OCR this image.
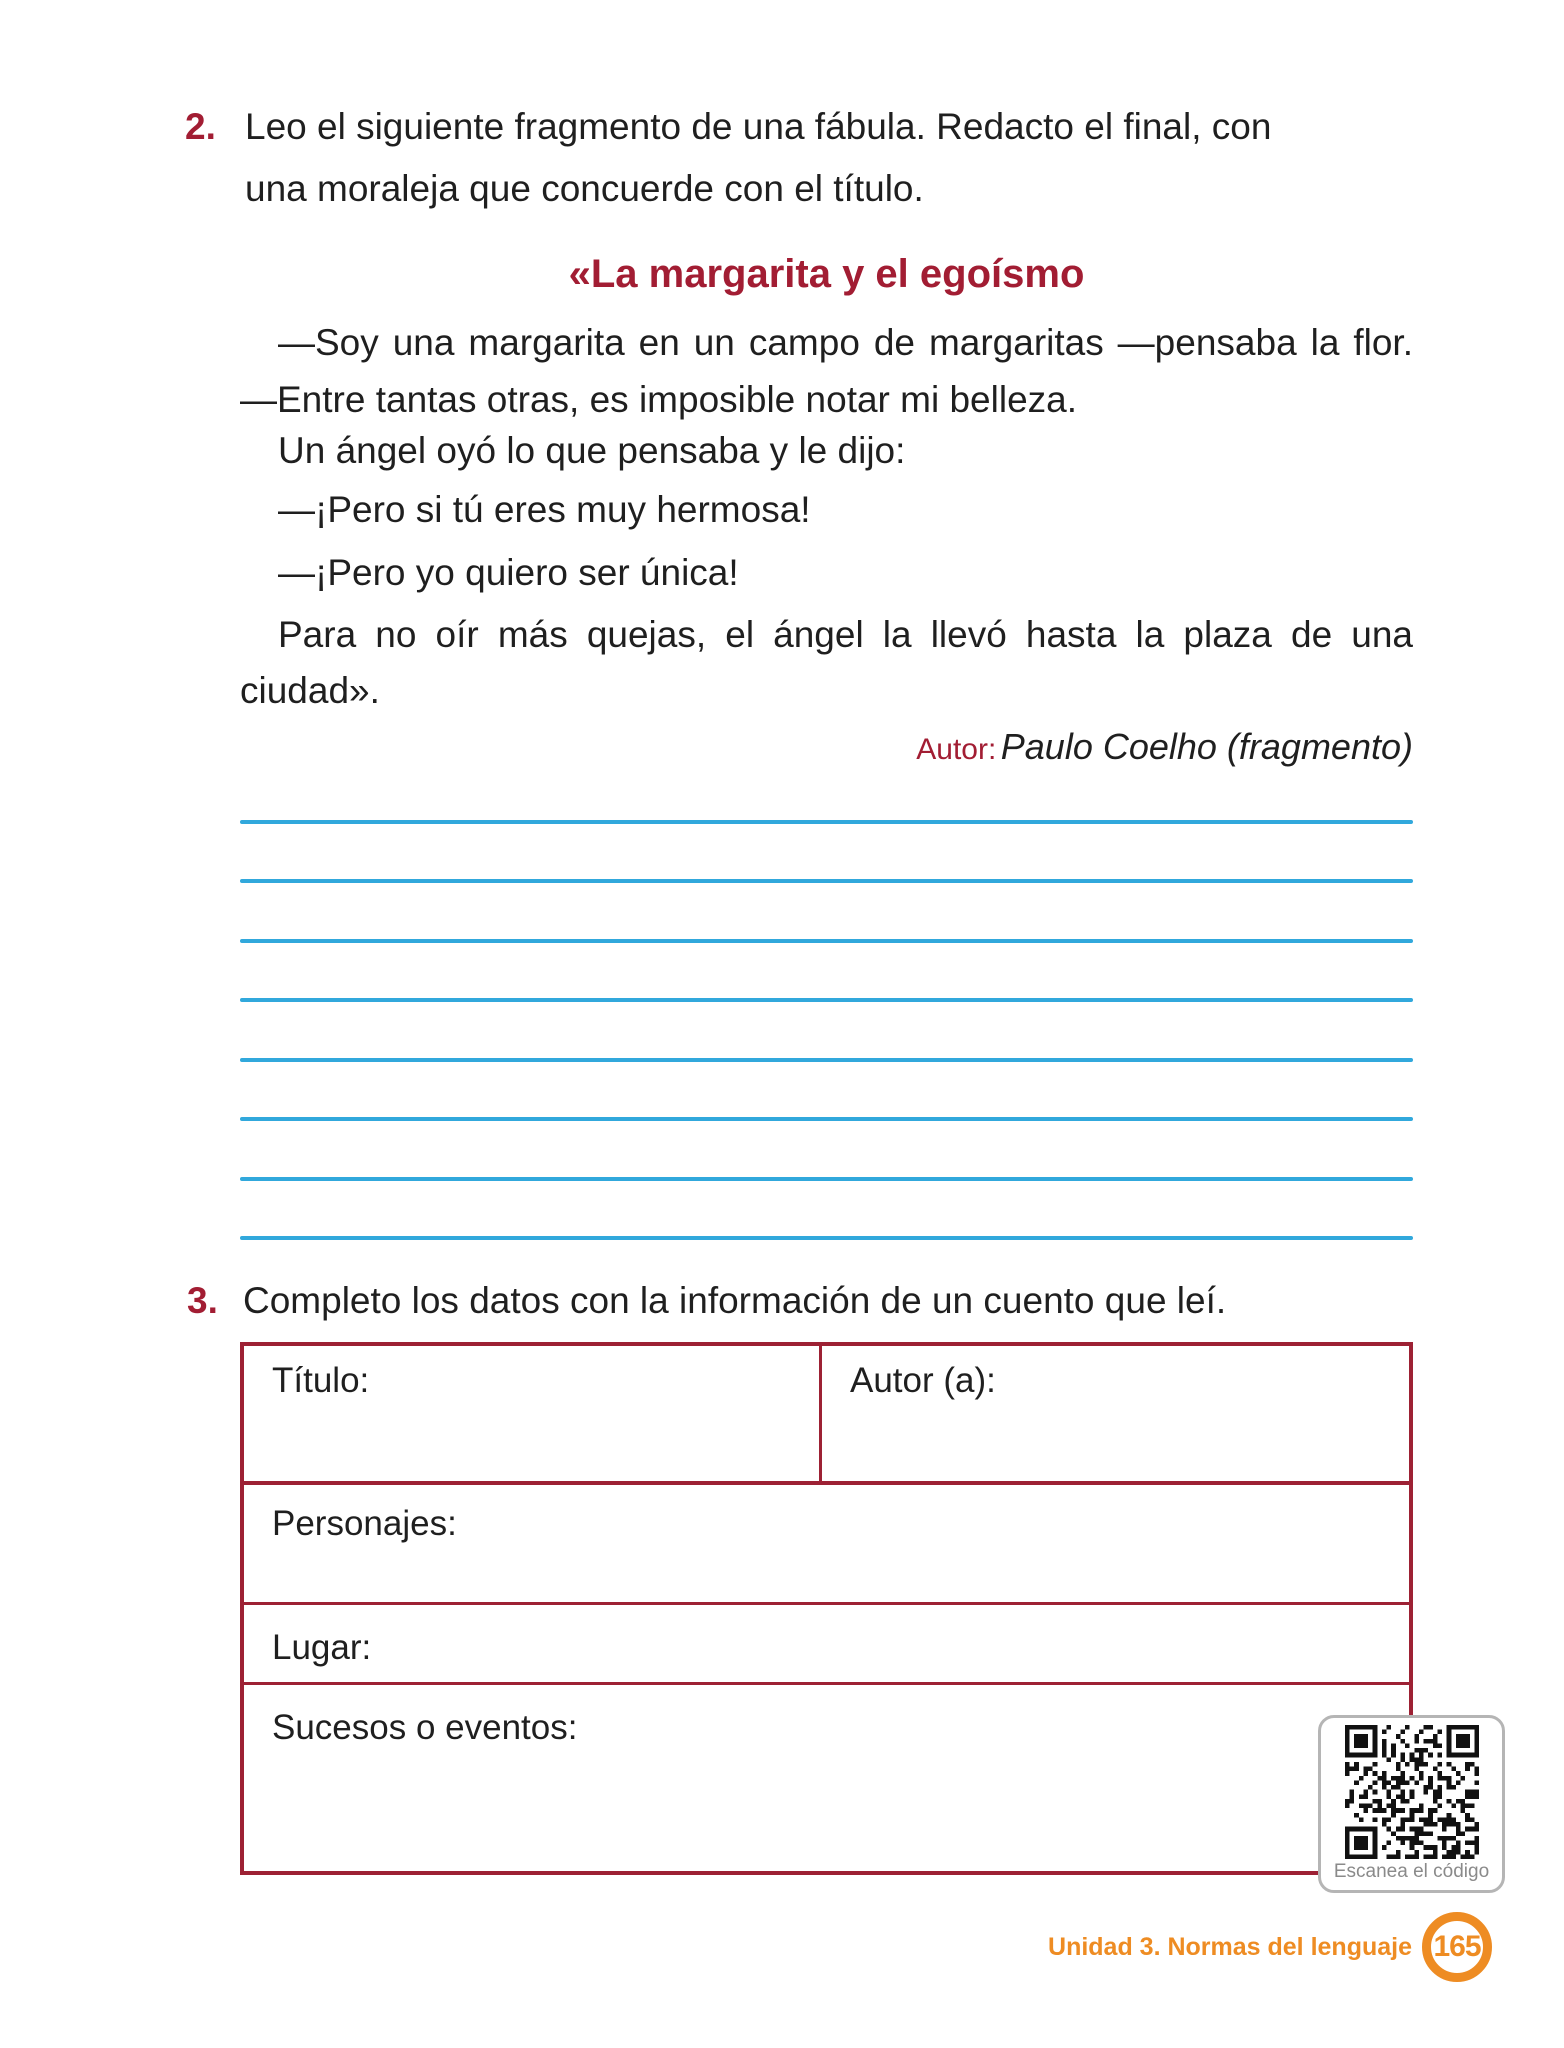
2. Leo el siguiente fragmento de una fábula. Redacto el final, con
una moraleja que concuerde con el título.
«La margarita y el egoísmo
—Soy una margarita en un campo de margaritas —pensaba la flor.
—Entre tantas otras, es imposible notar mi belleza.
Un ángel oyó lo que pensaba y le dijo:
—¡Pero si tú eres muy hermosa!
—¡Pero yo quiero ser única!
Para no oír más quejas, el ángel la llevó hasta la plaza de una
ciudad».
Autor: Paulo Coelho (fragmento)
3. Completo los datos con la información de un cuento que leí.
Título:	Autor (a):
Personajes:
Lugar:
Sucesos o eventos:
Escanea el código
Unidad 3. Normas del lenguaje 165
